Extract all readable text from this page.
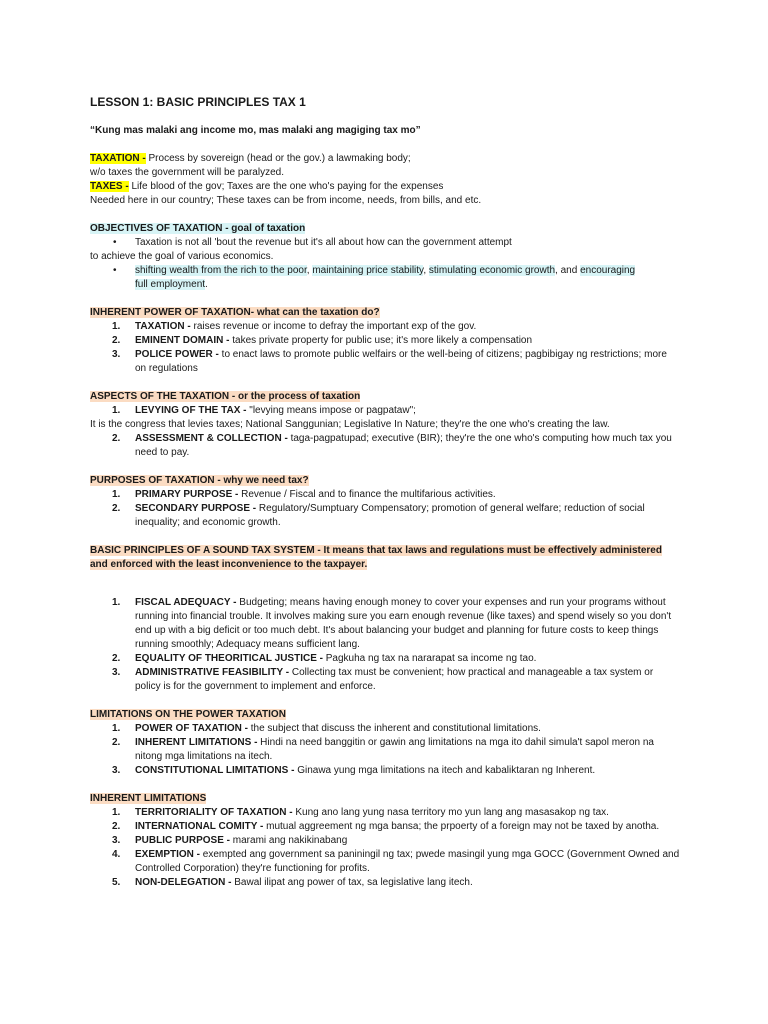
LESSON 1: BASIC PRINCIPLES TAX 1

“Kung mas malaki ang income mo, mas malaki ang magiging tax mo”

TAXATION - Process by sovereign (head or the gov.) a lawmaking body;

w/o taxes the government will be paralyzed.

TAXES - Life blood of the gov; Taxes are the one who's paying for the expenses

Needed here in our country; These taxes can be from income, needs, from bills, and etc.

OBJECTIVES OF TAXATION - goal of taxation

• Taxation is not all 'bout the revenue but it's all about how can the government attempt

to achieve the goal of various economics.

• shifting wealth from the rich to the poor, maintaining price stability, stimulating economic growth, and encouraging
full employment.

INHERENT POWER OF TAXATION- what can the taxation do?

1. TAXATION - raises revenue or income to defray the important exp of the gov.
2. EMINENT DOMAIN - takes private property for public use; it's more likely a compensation
3. POLICE POWER - to enact laws to promote public welfairs or the well-being of citizens; pagbibigay ng restrictions; more on regulations

ASPECTS OF THE TAXATION - or the process of taxation

1. LEVYING OF THE TAX - "levying means impose or pagpataw";

It is the congress that levies taxes; National Sanggunian; Legislative In Nature; they're the one who's creating the law.

2. ASSESSMENT & COLLECTION - taga-pagpatupad; executive (BIR); they're the one who's computing how much tax you need to pay.

PURPOSES OF TAXATION - why we need tax?

1. PRIMARY PURPOSE - Revenue / Fiscal and to finance the multifarious activities.
2. SECONDARY PURPOSE - Regulatory/Sumptuary Compensatory; promotion of general welfare; reduction of social inequality; and economic growth.

BASIC PRINCIPLES OF A SOUND TAX SYSTEM - It means that tax laws and regulations must be effectively administered and enforced with the least inconvenience to the taxpayer.

1. FISCAL ADEQUACY - Budgeting; means having enough money to cover your expenses and run your programs without running into financial trouble. It involves making sure you earn enough revenue (like taxes) and spend wisely so you don't end up with a big deficit or too much debt. It's about balancing your budget and planning for future costs to keep things running smoothly; Adequacy means sufficient lang.
2. EQUALITY OF THEORITICAL JUSTICE - Pagkuha ng tax na nararapat sa income ng tao.
3. ADMINISTRATIVE FEASIBILITY - Collecting tax must be convenient; how practical and manageable a tax system or policy is for the government to implement and enforce.

LIMITATIONS ON THE POWER TAXATION

1. POWER OF TAXATION - the subject that discuss the inherent and constitutional limitations.
2. INHERENT LIMITATIONS - Hindi na need banggitin or gawin ang limitations na mga ito dahil simula't sapol meron na nitong mga limitations na itech.
3. CONSTITUTIONAL LIMITATIONS - Ginawa yung mga limitations na itech and kabaliktaran ng Inherent.

INHERENT LIMITATIONS

1. TERRITORIALITY OF TAXATION - Kung ano lang yung nasa territory mo yun lang ang masasakop ng tax.
2. INTERNATIONAL COMITY - mutual aggreement ng mga bansa; the prpoerty of a foreign may not be taxed by anotha.
3. PUBLIC PURPOSE - marami ang nakikinabang
4. EXEMPTION - exempted ang government sa paniningil ng tax; pwede masingil yung mga GOCC (Government Owned and Controlled Corporation) they're functioning for profits.
5. NON-DELEGATION - Bawal ilipat ang power of tax, sa legislative lang itech.
